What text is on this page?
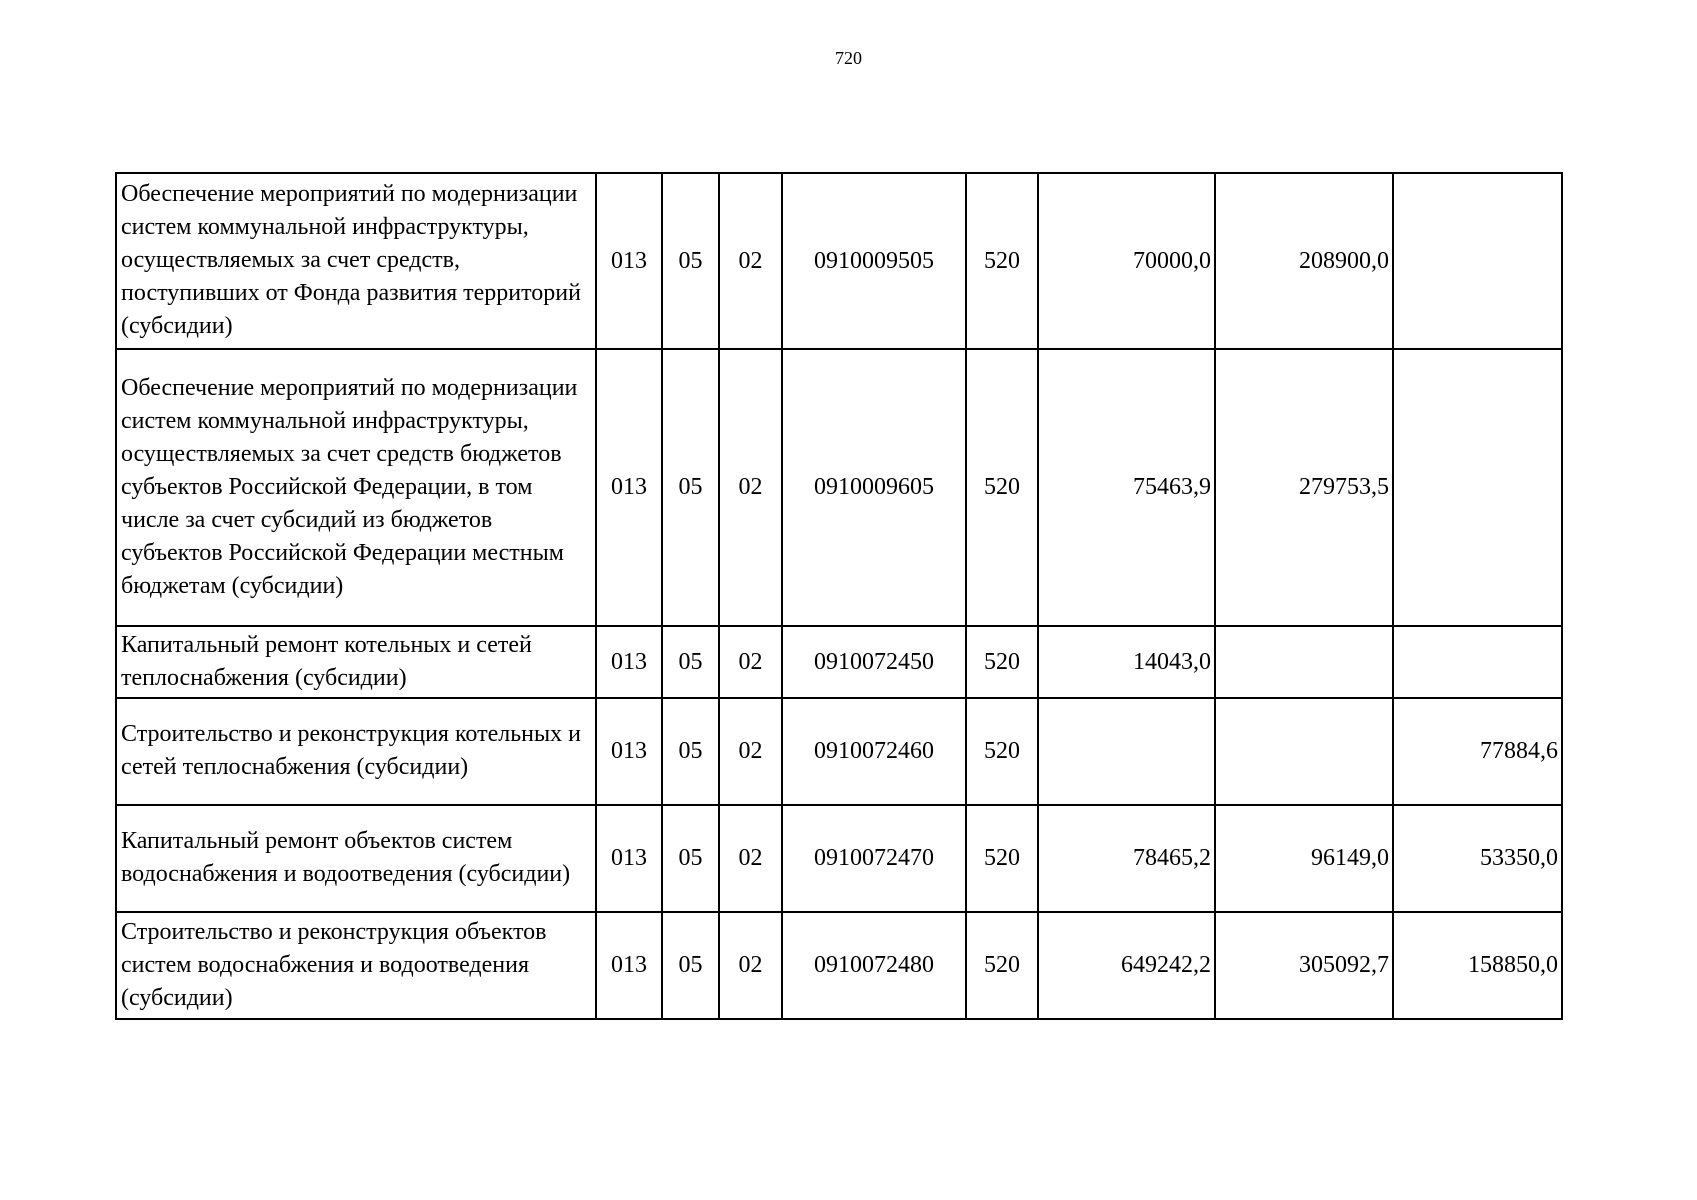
720
Обеспечение мероприятий по модернизации систем коммунальной инфраструктуры, осуществляемых за счет средств, поступивших от Фонда развития территорий (субсидии)	013	05	02	0910009505	520	70000,0	208900,0	
Обеспечение мероприятий по модернизации систем коммунальной инфраструктуры, осуществляемых за счет средств бюджетов субъектов Российской Федерации, в том числе за счет субсидий из бюджетов субъектов Российской Федерации местным бюджетам (субсидии)	013	05	02	0910009605	520	75463,9	279753,5	
Капитальный ремонт котельных и сетей теплоснабжения (субсидии)	013	05	02	0910072450	520	14043,0		
Строительство и реконструкция котельных и сетей теплоснабжения (субсидии)	013	05	02	0910072460	520			77884,6
Капитальный ремонт объектов систем водоснабжения и водоотведения (субсидии)	013	05	02	0910072470	520	78465,2	96149,0	53350,0
Строительство и реконструкция объектов систем водоснабжения и водоотведения (субсидии)	013	05	02	0910072480	520	649242,2	305092,7	158850,0
